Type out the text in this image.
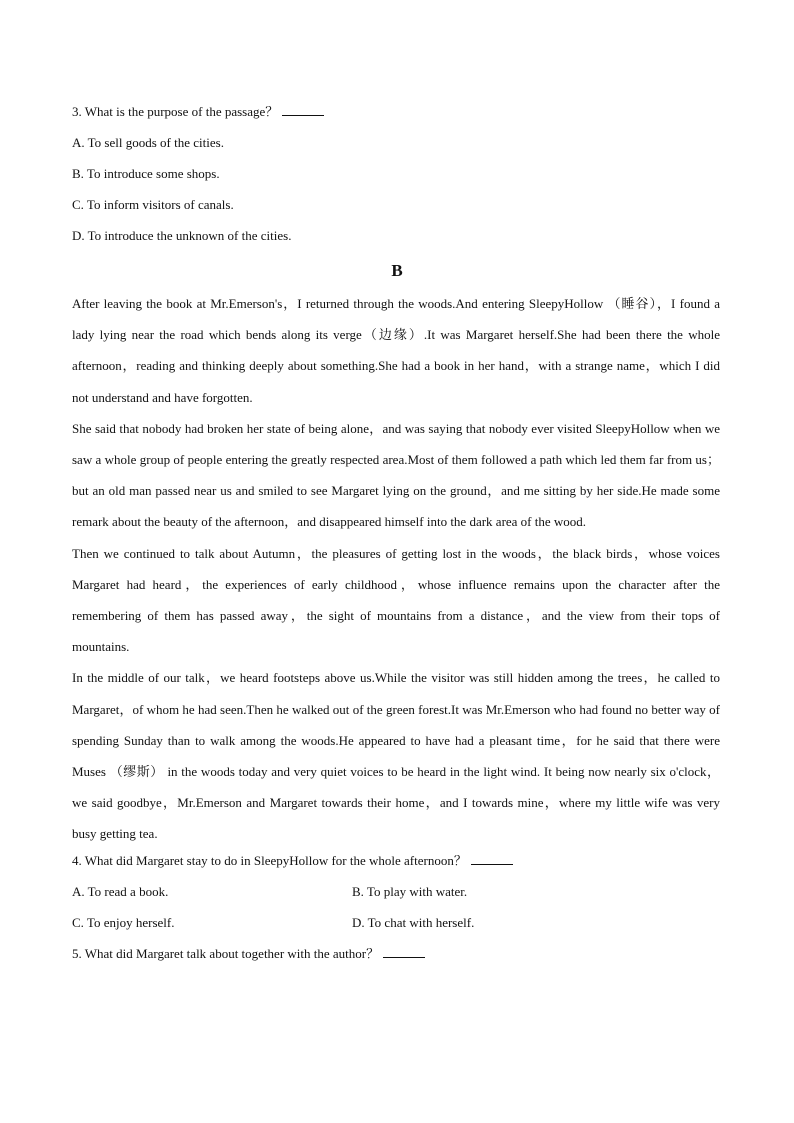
3. What is the purpose of the passage？
A. To sell goods of the cities.
B. To introduce some shops.
C. To inform visitors of canals.
D. To introduce the unknown of the cities.
B
After leaving the book at Mr.Emerson's，I returned through the woods.And entering SleepyHollow （睡谷），I found a lady lying near the road which bends along its verge（边缘）.It was Margaret herself.She had been there the whole afternoon，reading and thinking deeply about something.She had a book in her hand，with a strange name，which I did not understand and have forgotten.
She said that nobody had broken her state of being alone，and was saying that nobody ever visited SleepyHollow when we saw a whole group of people entering the greatly respected area.Most of them followed a path which led them far from us；but an old man passed near us and smiled to see Margaret lying on the ground，and me sitting by her side.He made some remark about the beauty of the afternoon，and disappeared himself into the dark area of the wood.
Then we continued to talk about Autumn，the pleasures of getting lost in the woods，the black birds，whose voices Margaret had heard，the experiences of early childhood，whose influence remains upon the character after the remembering of them has passed away，the sight of mountains from a distance，and the view from their tops of mountains.
In the middle of our talk，we heard footsteps above us.While the visitor was still hidden among the trees，he called to Margaret，of whom he had seen.Then he walked out of the green forest.It was Mr.Emerson who had found no better way of spending Sunday than to walk among the woods.He appeared to have had a pleasant time，for he said that there were Muses （缪斯） in the woods today and very quiet voices to be heard in the light wind. It being now nearly six o'clock，we said goodbye，Mr.Emerson and Margaret towards their home，and I towards mine，where my little wife was very busy getting tea.
4. What did Margaret stay to do in SleepyHollow for the whole afternoon？
A. To read a book.	B. To play with water.
C. To enjoy herself.	D. To chat with herself.
5. What did Margaret talk about together with the author？
